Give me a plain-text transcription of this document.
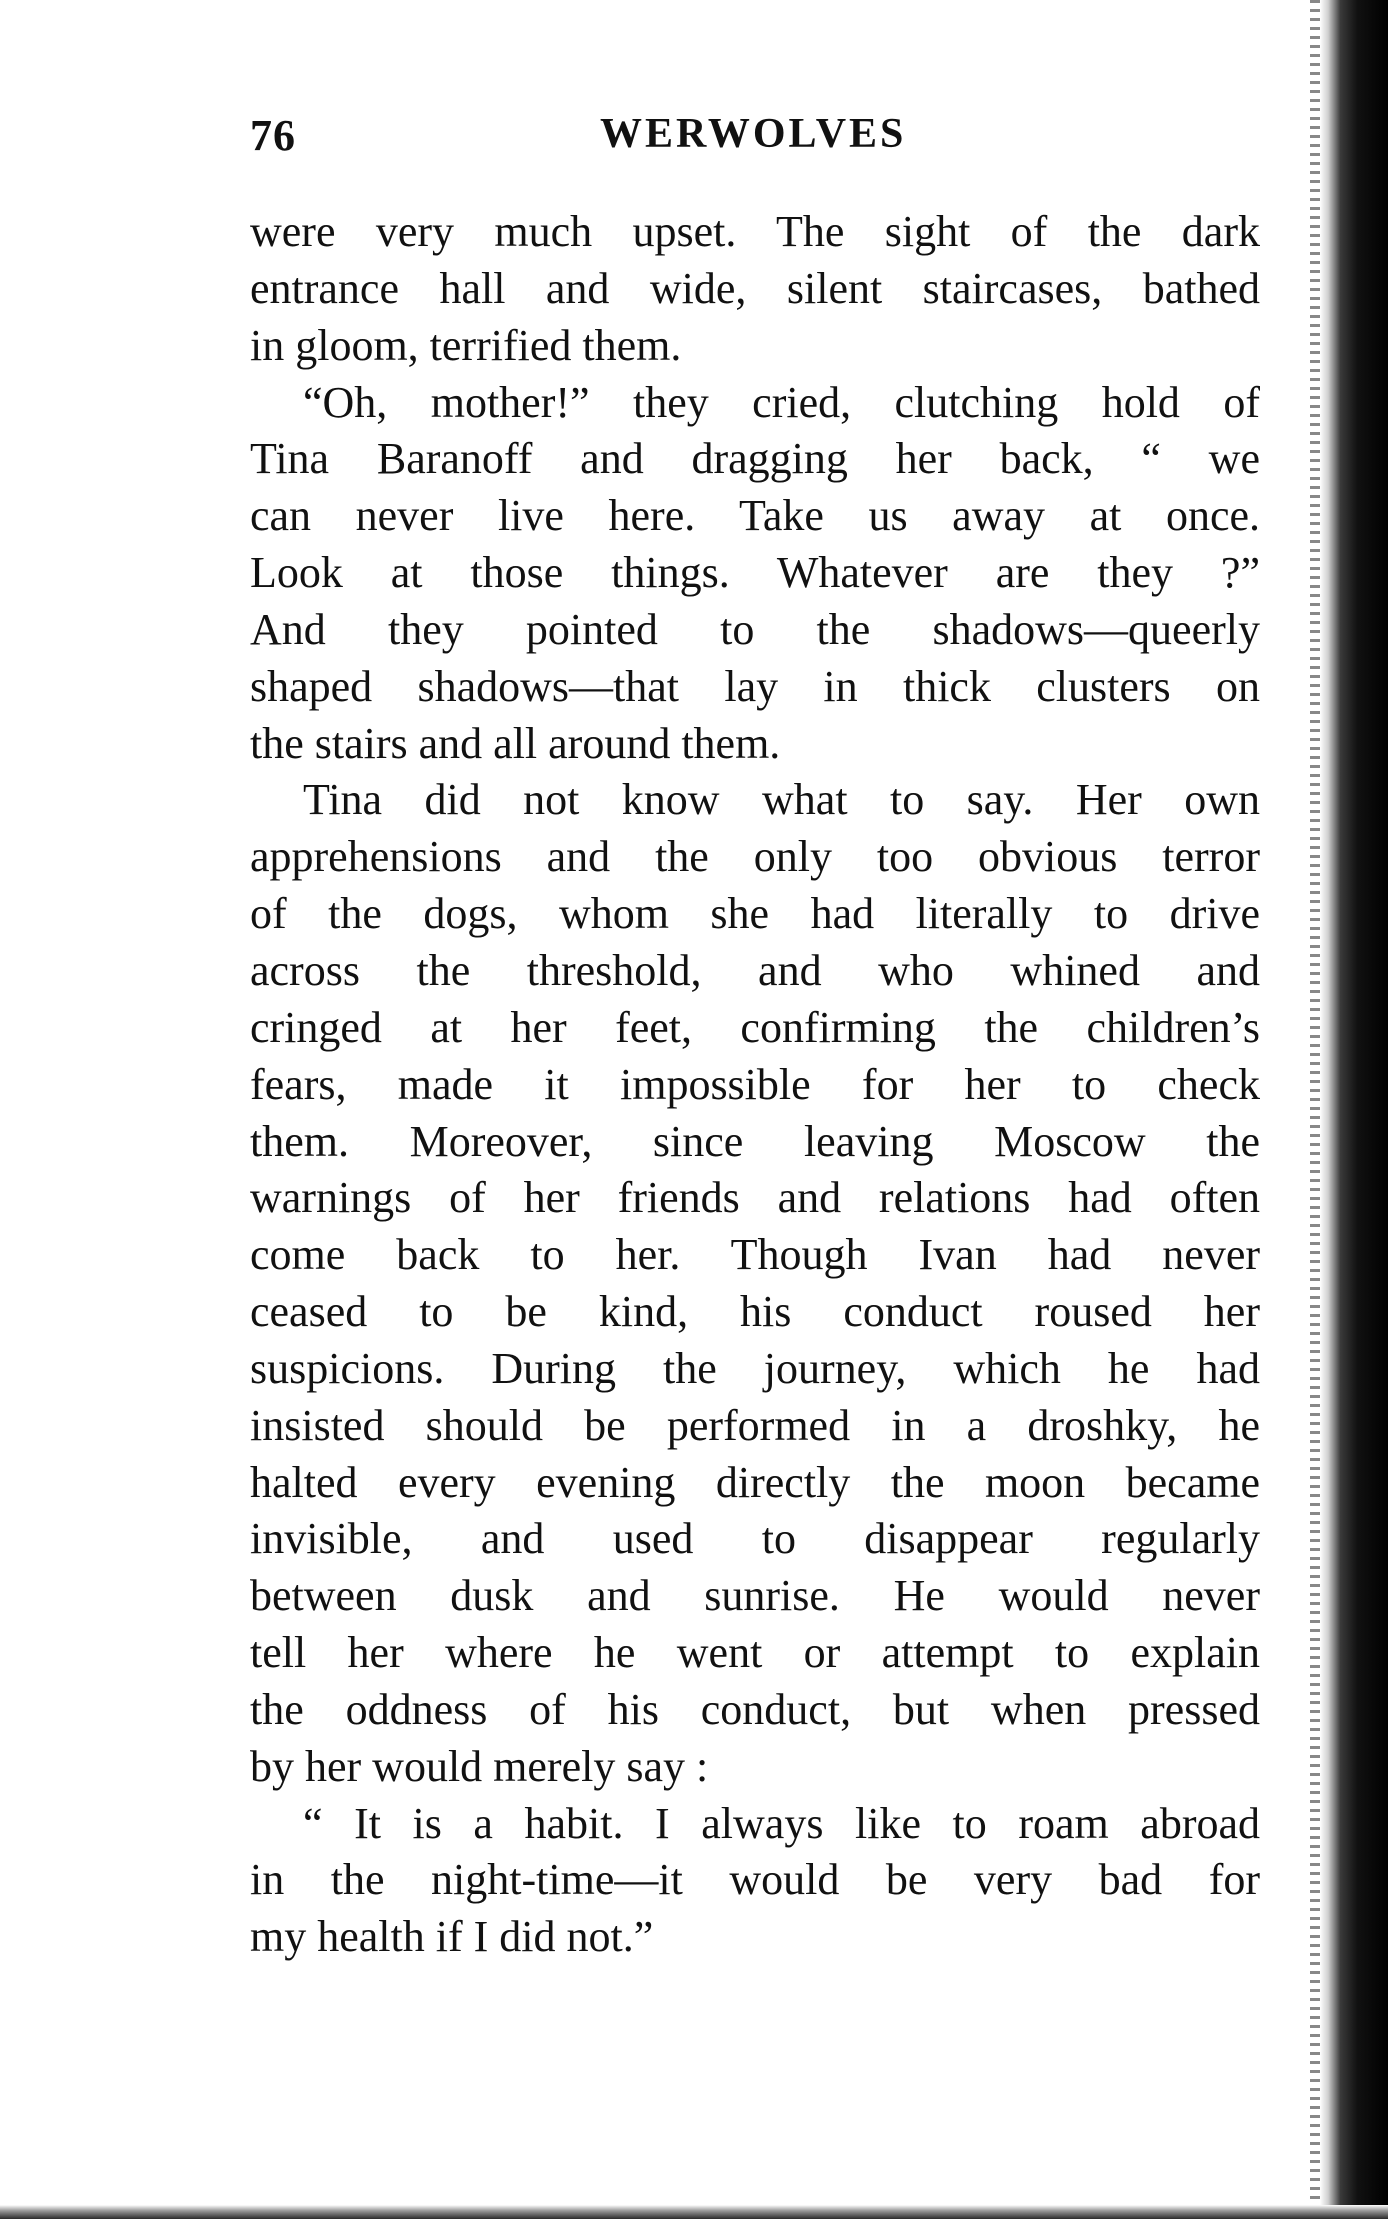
76	WERWOLVES
were very much upset. The sight of the dark
entrance hall and wide, silent staircases, bathed
in gloom, terrified them.
“Oh, mother!” they cried, clutching hold of
Tina Baranoff and dragging her back, “ we
can never live here. Take us away at once.
Look at those things. Whatever are they ?”
And they pointed to the shadows—queerly
shaped shadows—that lay in thick clusters on
the stairs and all around them.
Tina did not know what to say. Her own
apprehensions and the only too obvious terror
of the dogs, whom she had literally to drive
across the threshold, and who whined and
cringed at her feet, confirming the children’s
fears, made it impossible for her to check
them. Moreover, since leaving Moscow the
warnings of her friends and relations had often
come back to her. Though Ivan had never
ceased to be kind, his conduct roused her
suspicions. During the journey, which he had
insisted should be performed in a droshky, he
halted every evening directly the moon became
invisible, and used to disappear regularly
between dusk and sunrise. He would never
tell her where he went or attempt to explain
the oddness of his conduct, but when pressed
by her would merely say :
“ It is a habit. I always like to roam abroad
in the night-time—it would be very bad for
my health if I did not.”
